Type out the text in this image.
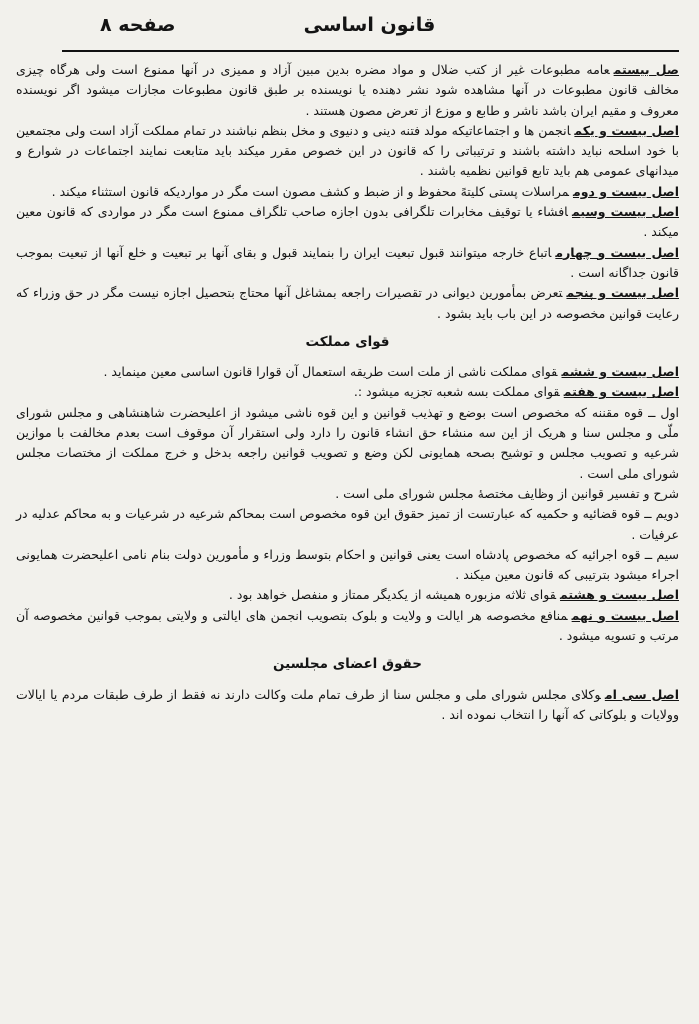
قانون اساسی
صفحه ۸

صل بیستمعامه مطبوعات غیر از کتب ضلال و مواد مضره بدین مبین آزاد و ممیزی در آنها ممنوع است ولی هرگاه چیزی مخالف قانون مطبوعات در آنها مشاهده شود نشر دهنده یا نویسنده بر طبق قانون مطبوعات مجازات میشود اگر نویسنده معروف و مقیم ایران باشد ناشر و طابع و موزع از تعرض مصون هستند .

اصل بیست و یکمانجمن ها و اجتماعاتیکه مولد فتنه دینی و دنیوی و مخل بنظم نباشند در تمام مملکت آزاد است ولی مجتمعین با خود اسلحه نباید داشته باشند و ترتیباتی را که قانون در این خصوص مقرر میکند باید متابعت نمایند اجتماعات در شوارع و میدانهای عمومی هم باید تابع قوانین نظمیه باشند .

اصل بیست و دوممراسلات پستی کلیتهً محفوظ و از ضبط و کشف مصون است مگر در مواردیکه قانون استثناء میکند .

اصل بیست وسیمافشاء یا توقیف مخابرات تلگرافی بدون اجازه صاحب تلگراف ممنوع است مگر در مواردی که قانون معین میکند .

اصل بیست و چهارماتباع خارجه میتوانند قبول تبعیت ایران را بنمایند قبول و بقای آنها بر تبعیت و خلع آنها از تبعیت بموجب قانون جداگانه است .

اصل بیست و پنجمتعرض بمأمورین دیوانی در تقصیرات راجعه بمشاغل آنها محتاج بتحصیل اجازه نیست مگر در حق وزراء که رعایت قوانین مخصوصه در این باب باید بشود .

قوای مملکت

اصل بیست و ششمقوای مملکت ناشی از ملت است طریقه استعمال آن قوارا قانون اساسی معین مینماید .

اصل بیست و هفتمقوای مملکت بسه شعبه تجزیه میشود :.

اول ــ قوه مقننه که مخصوص است بوضع و تهذیب قوانین و این قوه ناشی میشود از اعلیحضرت شاهنشاهی و مجلس شورای ملّی و مجلس سنا و هریک از این سه منشاء حق انشاء قانون را دارد ولی استقرار آن موقوف است بعدم مخالفت با موازین شرعیه و تصویب مجلس و توشیح بصحه همایونی لکن وضع و تصویب قوانین راجعه بدخل و خرج مملکت از مختصات مجلس شورای ملی است .

شرح و تفسیر قوانین از وظایف مختصهٔ مجلس شورای ملی است .

دویم ــ قوه قضائیه و حکمیه که عبارتست از تمیز حقوق این قوه مخصوص است بمحاکم شرعیه در شرعیات و به محاکم عدلیه در عرفیات .

سیم ــ قوه اجرائیه که مخصوص پادشاه است یعنی قوانین و احکام بتوسط وزراء و مأمورین دولت بنام نامی اعلیحضرت همایونی اجراء میشود بترتیبی که قانون معین میکند .

اصل بیست و هشتمقوای ثلاثه مزبوره همیشه از یکدیگر ممتاز و منفصل خواهد بود .

اصل بیست و نهممنافع مخصوصه هر ایالت و ولایت و بلوک بتصویب انجمن های ایالتی و ولایتی بموجب قوانین مخصوصه آن مرتب و تسویه میشود .

حقوق اعضای مجلسین

اصل سی اموکلای مجلس شورای ملی و مجلس سنا از طرف تمام ملت وکالت دارند نه فقط از طرف طبقات مردم یا ایالات وولایات و بلوکاتی که آنها را انتخاب نموده اند .
